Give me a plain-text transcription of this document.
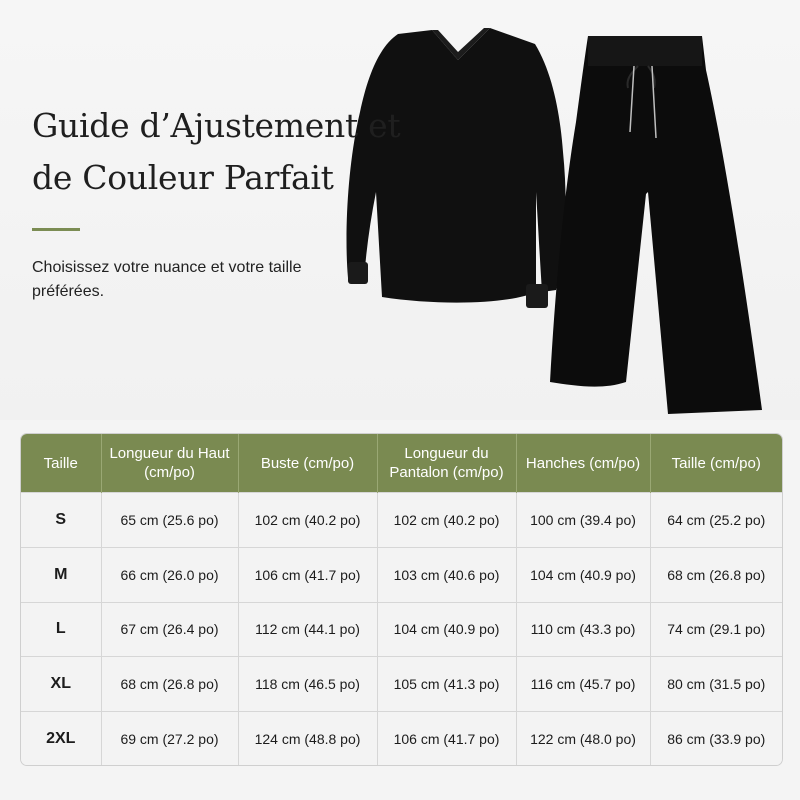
Guide d’Ajustement et
de Couleur Parfait

Choisissez votre nuance et votre taille préférées.

Taille	Longueur du Haut (cm/po)	Buste (cm/po)	Longueur du Pantalon (cm/po)	Hanches (cm/po)	Taille (cm/po)
S	65 cm (25.6 po)	102 cm (40.2 po)	102 cm (40.2 po)	100 cm (39.4 po)	64 cm (25.2 po)
M	66 cm (26.0 po)	106 cm (41.7 po)	103 cm (40.6 po)	104 cm (40.9 po)	68 cm (26.8 po)
L	67 cm (26.4 po)	112 cm (44.1 po)	104 cm (40.9 po)	110 cm (43.3 po)	74 cm (29.1 po)
XL	68 cm (26.8 po)	118 cm (46.5 po)	105 cm (41.3 po)	116 cm (45.7 po)	80 cm (31.5 po)
2XL	69 cm (27.2 po)	124 cm (48.8 po)	106 cm (41.7 po)	122 cm (48.0 po)	86 cm (33.9 po)
